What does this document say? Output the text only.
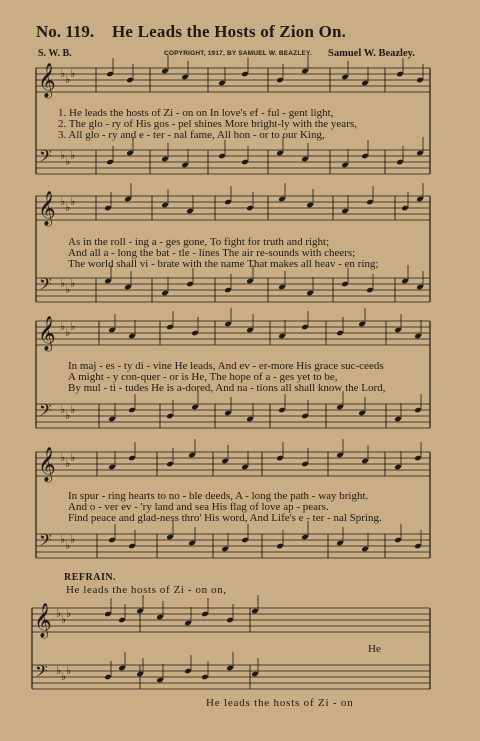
No. 119. He Leads the Hosts of Zion On.
S. W. B.	COPYRIGHT, 1917, BY SAMUEL W. BEAZLEY. Samuel W. Beazley.
𝄞
𝄢
♭ ♭ ♭
♭ ♭ ♭
𝄞
𝄢
♭ ♭ ♭
♭ ♭ ♭
𝄞
𝄢
♭ ♭ ♭
♭ ♭ ♭
𝄞
𝄢
♭ ♭ ♭
♭ ♭ ♭
𝄞
𝄢
♭ ♭ ♭
♭ ♭ ♭
1. He leads the hosts of Zi - on on In love's ef - ful - gent light,
2. The glo - ry of His gos - pel shines More bright-ly with the years,
3. All glo - ry and e - ter - nal fame, All hon - or to our King,
As in the roll - ing a - ges gone, To fight for truth and right;
And all a - long the bat - tle - lines The air re-sounds with cheers;
The world shall vi - brate with the name That makes all heav - en ring;
In maj - es - ty di - vine He leads, And ev - er-more His grace suc-ceeds
A might - y con-quer - or is He, The hope of a - ges yet to be,
By mul - ti - tudes He is a-dored, And na - tions all shall know the Lord,
In spur - ring hearts to no - ble deeds, A - long the path - way bright.
And o - ver ev - 'ry land and sea His flag of love ap - pears.
Find peace and glad-ness thro' His word, And Life's e - ter - nal Spring.
REFRAIN.
He leads the hosts of Zi - on on,
He
He leads the hosts of Zi - on
